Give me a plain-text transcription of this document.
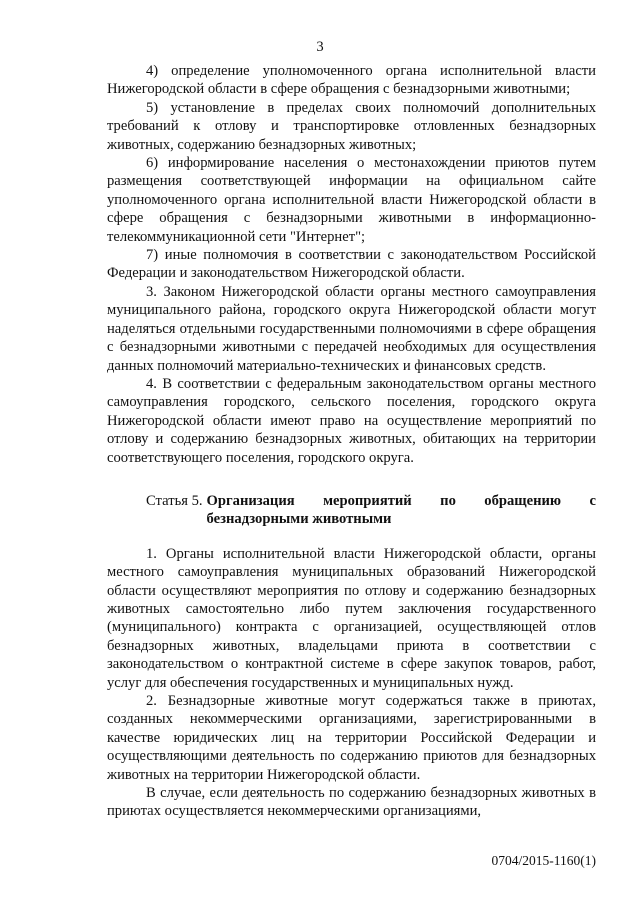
3

4) определение уполномоченного органа исполнительной власти Нижегородской области в сфере обращения с безнадзорными животными;

5) установление в пределах своих полномочий дополнительных требований к отлову и транспортировке отловленных безнадзорных животных, содержанию безнадзорных животных;

6) информирование населения о местонахождении приютов путем размещения соответствующей информации на официальном сайте уполномоченного органа исполнительной власти Нижегородской области в сфере обращения с безнадзорными животными в информационно-телекоммуникационной сети "Интернет";

7) иные полномочия в соответствии с законодательством Российской Федерации и законодательством Нижегородской области.

3. Законом Нижегородской области органы местного самоуправления муниципального района, городского округа Нижегородской области могут наделяться отдельными государственными полномочиями в сфере обращения с безнадзорными животными с передачей необходимых для осуществления данных полномочий материально-технических и финансовых средств.

4. В соответствии с федеральным законодательством органы местного самоуправления городского, сельского поселения, городского округа Нижегородской области имеют право на осуществление мероприятий по отлову и содержанию безнадзорных животных, обитающих на территории соответствующего поселения, городского округа.

Статья 5. Организация мероприятий по обращению с безнадзорными животными

1. Органы исполнительной власти Нижегородской области, органы местного самоуправления муниципальных образований Нижегородской области осуществляют мероприятия по отлову и содержанию безнадзорных животных самостоятельно либо путем заключения государственного (муниципального) контракта с организацией, осуществляющей отлов безнадзорных животных, владельцами приюта в соответствии с законодательством о контрактной системе в сфере закупок товаров, работ, услуг для обеспечения государственных и муниципальных нужд.

2. Безнадзорные животные могут содержаться также в приютах, созданных некоммерческими организациями, зарегистрированными в качестве юридических лиц на территории Российской Федерации и осуществляющими деятельность по содержанию приютов для безнадзорных животных на территории Нижегородской области.

В случае, если деятельность по содержанию безнадзорных животных в приютах осуществляется некоммерческими организациями,

0704/2015-1160(1)
